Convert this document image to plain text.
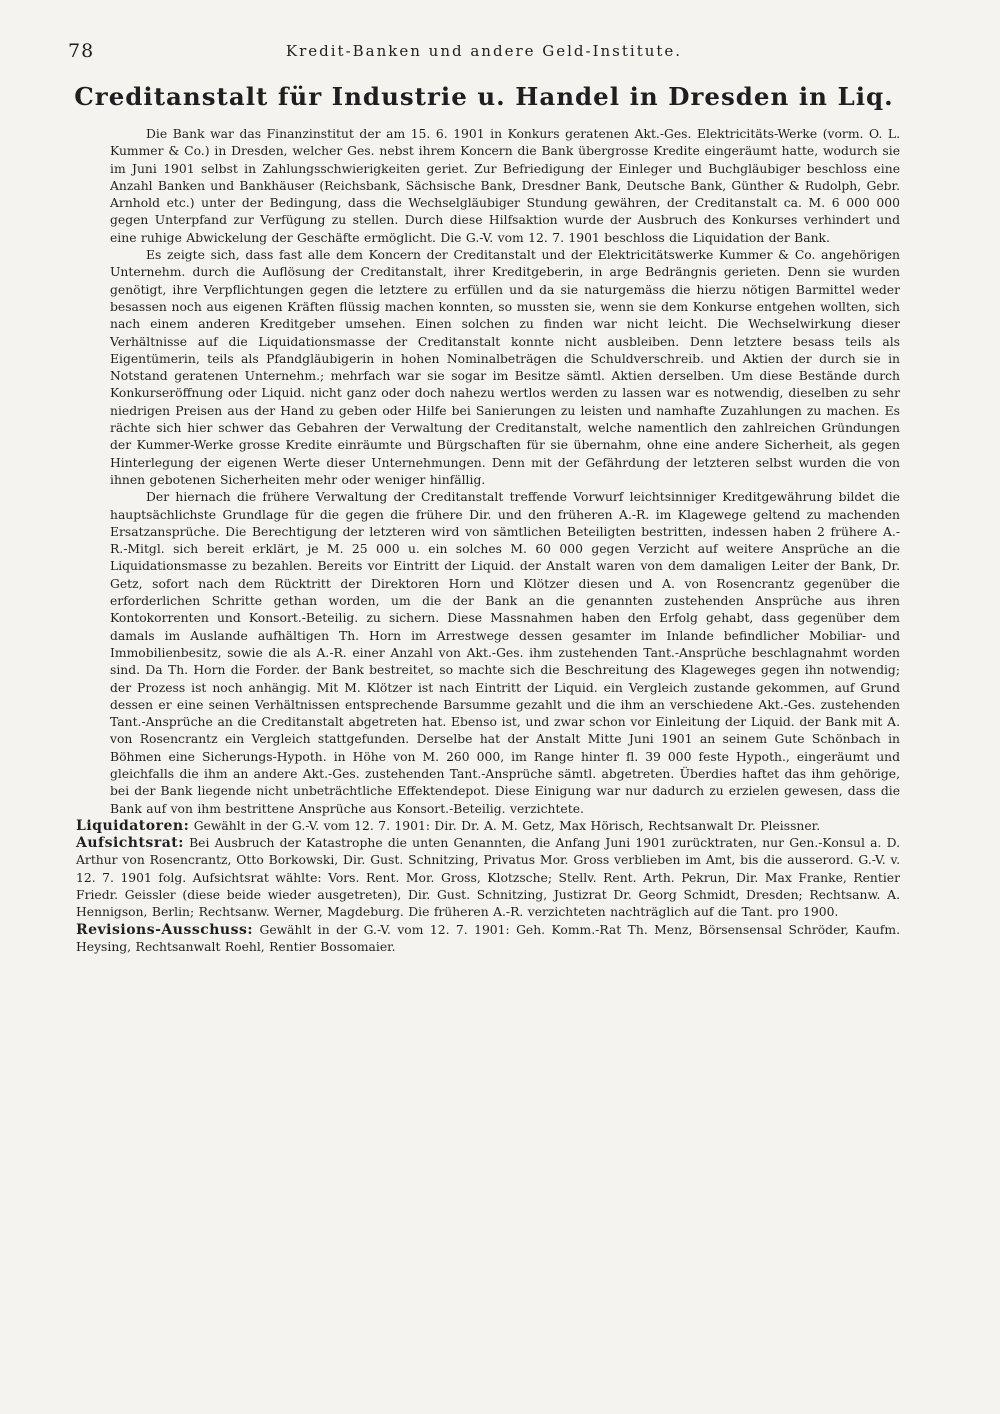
78	Kredit-Banken und andere Geld-Institute.
Creditanstalt für Industrie u. Handel in Dresden in Liq.

Die Bank war das Finanzinstitut der am 15. 6. 1901 in Konkurs geratenen Akt.-Ges. Elektricitäts-Werke (vorm. O. L. Kummer & Co.) in Dresden, welcher Ges. nebst ihrem Koncern die Bank übergrosse Kredite eingeräumt hatte, wodurch sie im Juni 1901 selbst in Zahlungsschwierigkeiten geriet. Zur Befriedigung der Einleger und Buchgläubiger beschloss eine Anzahl Banken und Bankhäuser (Reichsbank, Sächsische Bank, Dresdner Bank, Deutsche Bank, Günther & Rudolph, Gebr. Arnhold etc.) unter der Bedingung, dass die Wechselgläubiger Stundung gewähren, der Creditanstalt ca. M. 6 000 000 gegen Unterpfand zur Verfügung zu stellen. Durch diese Hilfsaktion wurde der Ausbruch des Konkurses verhindert und eine ruhige Abwickelung der Geschäfte ermöglicht. Die G.-V. vom 12. 7. 1901 beschloss die Liquidation der Bank.

Es zeigte sich, dass fast alle dem Koncern der Creditanstalt und der Elektricitätswerke Kummer & Co. angehörigen Unternehm. durch die Auflösung der Creditanstalt, ihrer Kreditgeberin, in arge Bedrängnis gerieten. Denn sie wurden genötigt, ihre Verpflichtungen gegen die letztere zu erfüllen und da sie naturgemäss die hierzu nötigen Barmittel weder besassen noch aus eigenen Kräften flüssig machen konnten, so mussten sie, wenn sie dem Konkurse entgehen wollten, sich nach einem anderen Kreditgeber umsehen. Einen solchen zu finden war nicht leicht. Die Wechselwirkung dieser Verhältnisse auf die Liquidationsmasse der Creditanstalt konnte nicht ausbleiben. Denn letztere besass teils als Eigentümerin, teils als Pfandgläubigerin in hohen Nominalbeträgen die Schuldverschreib. und Aktien der durch sie in Notstand geratenen Unternehm.; mehrfach war sie sogar im Besitze sämtl. Aktien derselben. Um diese Bestände durch Konkurseröffnung oder Liquid. nicht ganz oder doch nahezu wertlos werden zu lassen war es notwendig, dieselben zu sehr niedrigen Preisen aus der Hand zu geben oder Hilfe bei Sanierungen zu leisten und namhafte Zuzahlungen zu machen. Es rächte sich hier schwer das Gebahren der Verwaltung der Creditanstalt, welche namentlich den zahlreichen Gründungen der Kummer-Werke grosse Kredite einräumte und Bürgschaften für sie übernahm, ohne eine andere Sicherheit, als gegen Hinterlegung der eigenen Werte dieser Unternehmungen. Denn mit der Gefährdung der letzteren selbst wurden die von ihnen gebotenen Sicherheiten mehr oder weniger hinfällig.

Der hiernach die frühere Verwaltung der Creditanstalt treffende Vorwurf leichtsinniger Kreditgewährung bildet die hauptsächlichste Grundlage für die gegen die frühere Dir. und den früheren A.-R. im Klagewege geltend zu machenden Ersatzansprüche. Die Berechtigung der letzteren wird von sämtlichen Beteiligten bestritten, indessen haben 2 frühere A.-R.-Mitgl. sich bereit erklärt, je M. 25 000 u. ein solches M. 60 000 gegen Verzicht auf weitere Ansprüche an die Liquidationsmasse zu bezahlen. Bereits vor Eintritt der Liquid. der Anstalt waren von dem damaligen Leiter der Bank, Dr. Getz, sofort nach dem Rücktritt der Direktoren Horn und Klötzer diesen und A. von Rosencrantz gegenüber die erforderlichen Schritte gethan worden, um die der Bank an die genannten zustehenden Ansprüche aus ihren Kontokorrenten und Konsort.-Beteilig. zu sichern. Diese Massnahmen haben den Erfolg gehabt, dass gegenüber dem damals im Auslande aufhältigen Th. Horn im Arrestwege dessen gesamter im Inlande befindlicher Mobiliar- und Immobilienbesitz, sowie die als A.-R. einer Anzahl von Akt.-Ges. ihm zustehenden Tant.-Ansprüche beschlagnahmt worden sind. Da Th. Horn die Forder. der Bank bestreitet, so machte sich die Beschreitung des Klageweges gegen ihn notwendig; der Prozess ist noch anhängig. Mit M. Klötzer ist nach Eintritt der Liquid. ein Vergleich zustande gekommen, auf Grund dessen er eine seinen Verhältnissen entsprechende Barsumme gezahlt und die ihm an verschiedene Akt.-Ges. zustehenden Tant.-Ansprüche an die Creditanstalt abgetreten hat. Ebenso ist, und zwar schon vor Einleitung der Liquid. der Bank mit A. von Rosencrantz ein Vergleich stattgefunden. Derselbe hat der Anstalt Mitte Juni 1901 an seinem Gute Schönbach in Böhmen eine Sicherungs-Hypoth. in Höhe von M. 260 000, im Range hinter fl. 39 000 feste Hypoth., eingeräumt und gleichfalls die ihm an andere Akt.-Ges. zustehenden Tant.-Ansprüche sämtl. abgetreten. Überdies haftet das ihm gehörige, bei der Bank liegende nicht unbeträchtliche Effektendepot. Diese Einigung war nur dadurch zu erzielen gewesen, dass die Bank auf von ihm bestrittene Ansprüche aus Konsort.-Beteilig. verzichtete.

Liquidatoren: Gewählt in der G.-V. vom 12. 7. 1901: Dir. Dr. A. M. Getz, Max Hörisch, Rechtsanwalt Dr. Pleissner.

Aufsichtsrat: Bei Ausbruch der Katastrophe die unten Genannten, die Anfang Juni 1901 zurücktraten, nur Gen.-Konsul a. D. Arthur von Rosencrantz, Otto Borkowski, Dir. Gust. Schnitzing, Privatus Mor. Gross verblieben im Amt, bis die ausserord. G.-V. v. 12. 7. 1901 folg. Aufsichtsrat wählte: Vors. Rent. Mor. Gross, Klotzsche; Stellv. Rent. Arth. Pekrun, Dir. Max Franke, Rentier Friedr. Geissler (diese beide wieder ausgetreten), Dir. Gust. Schnitzing, Justizrat Dr. Georg Schmidt, Dresden; Rechtsanw. A. Hennigson, Berlin; Rechtsanw. Werner, Magdeburg. Die früheren A.-R. verzichteten nachträglich auf die Tant. pro 1900.

Revisions-Ausschuss: Gewählt in der G.-V. vom 12. 7. 1901: Geh. Komm.-Rat Th. Menz, Börsensensal Schröder, Kaufm. Heysing, Rechtsanwalt Roehl, Rentier Bossomaier.
